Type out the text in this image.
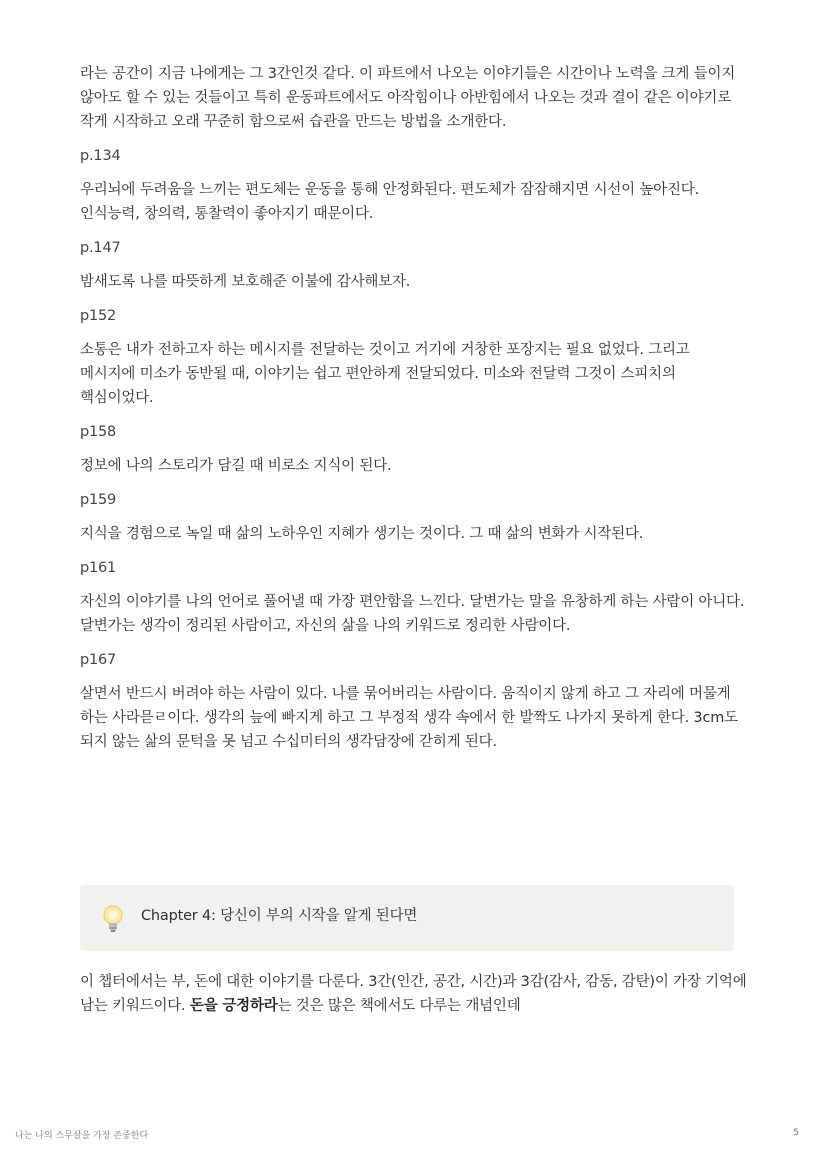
라는 공간이 지금 나에게는 그 3간인것 같다. 이 파트에서 나오는 이야기들은 시간이나 노력을 크게 들이지 않아도 할 수 있는 것들이고 특히 운동파트에서도 아작힘이나 아반힘에서 나오는 것과 결이 같은 이야기로 작게 시작하고 오래 꾸준히 함으로써 습관을 만드는 방법을 소개한다.

p.134

우리뇌에 두려움을 느끼는 편도체는 운동을 통해 안정화된다. 편도체가 잠잠해지면 시선이 높아진다. 인식능력, 창의력, 통찰력이 좋아지기 때문이다.

p.147

밤새도록 나를 따뜻하게 보호해준 이불에 감사해보자.

p152

소통은 내가 전하고자 하는 메시지를 전달하는 것이고 거기에 거창한 포장지는 필요 없었다. 그리고 메시지에 미소가 동반될 때, 이야기는 쉽고 편안하게 전달되었다. 미소와 전달력 그것이 스피치의 핵심이었다.

p158

정보에 나의 스토리가 담길 때 비로소 지식이 된다.

p159

지식을 경험으로 녹일 때 삶의 노하우인 지혜가 생기는 것이다. 그 때 삶의 변화가 시작된다.

p161

자신의 이야기를 나의 언어로 풀어낼 때 가장 편안함을 느낀다. 달변가는 말을 유창하게 하는 사람이 아니다. 달변가는 생각이 정리된 사람이고, 자신의 삶을 나의 키워드로 정리한 사람이다.

p167

살면서 반드시 버려야 하는 사람이 있다. 나를 묶어버리는 사람이다. 움직이지 않게 하고 그 자리에 머물게 하는 사라믇ㄹ이다. 생각의 늪에 빠지게 하고 그 부정적 생각 속에서 한 발짝도 나가지 못하게 한다. 3cm도 되지 않는 삶의 문턱을 못 넘고 수십미터의 생각담장에 갇히게 된다.

Chapter 4: 당신이 부의 시작을 알게 된다면

이 챕터에서는 부, 돈에 대한 이야기를 다룬다. 3간(인간, 공간, 시간)과 3감(감사, 감동, 감탄)이 가장 기억에 남는 키워드이다. 돈을 긍정하라는 것은 많은 책에서도 다루는 개념인데

나는 나의 스무살을 가장 존중한다	5
